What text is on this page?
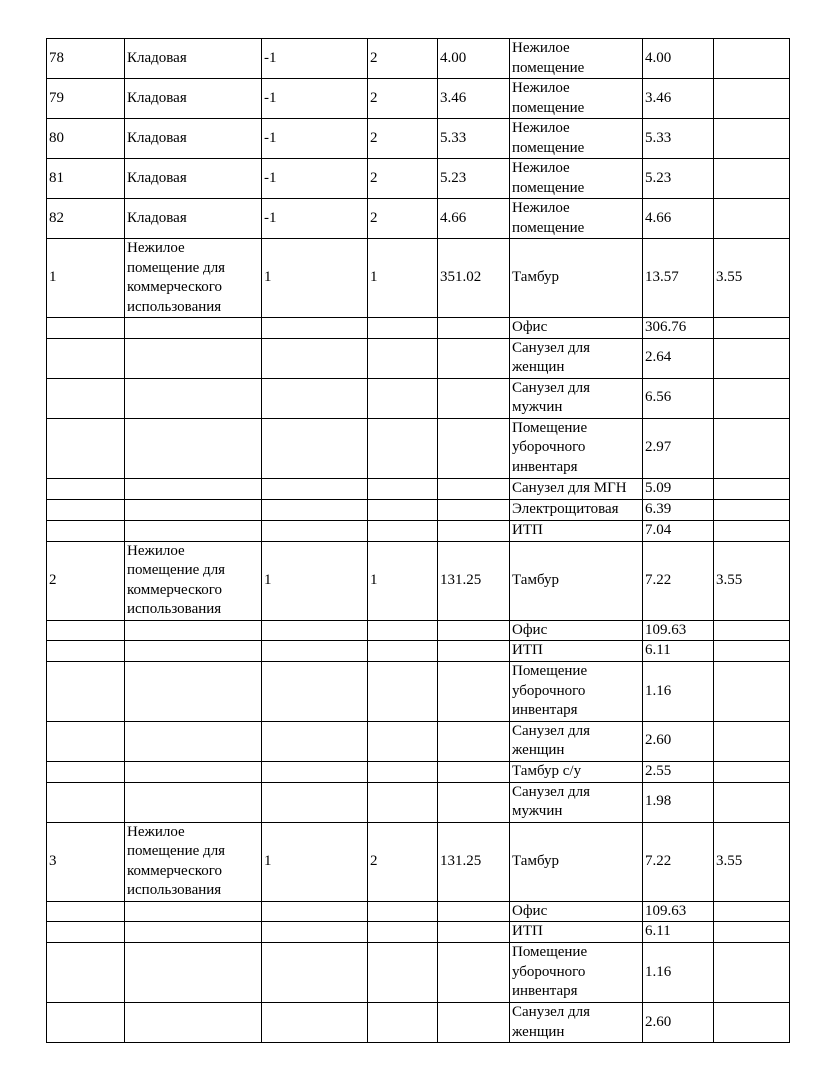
78	Кладовая	-1	2	4.00	Нежилое помещение	4.00	
79	Кладовая	-1	2	3.46	Нежилое помещение	3.46	
80	Кладовая	-1	2	5.33	Нежилое помещение	5.33	
81	Кладовая	-1	2	5.23	Нежилое помещение	5.23	
82	Кладовая	-1	2	4.66	Нежилое помещение	4.66	
1	Нежилое помещение для коммерческого использования	1	1	351.02	Тамбур	13.57	3.55
					Офис	306.76	
					Санузел для женщин	2.64	
					Санузел для мужчин	6.56	
					Помещение уборочного инвентаря	2.97	
					Санузел для МГН	5.09	
					Электрощитовая	6.39	
					ИТП	7.04	
2	Нежилое помещение для коммерческого использования	1	1	131.25	Тамбур	7.22	3.55
					Офис	109.63	
					ИТП	6.11	
					Помещение уборочного инвентаря	1.16	
					Санузел для женщин	2.60	
					Тамбур с/у	2.55	
					Санузел для мужчин	1.98	
3	Нежилое помещение для коммерческого использования	1	2	131.25	Тамбур	7.22	3.55
					Офис	109.63	
					ИТП	6.11	
					Помещение уборочного инвентаря	1.16	
					Санузел для женщин	2.60	
